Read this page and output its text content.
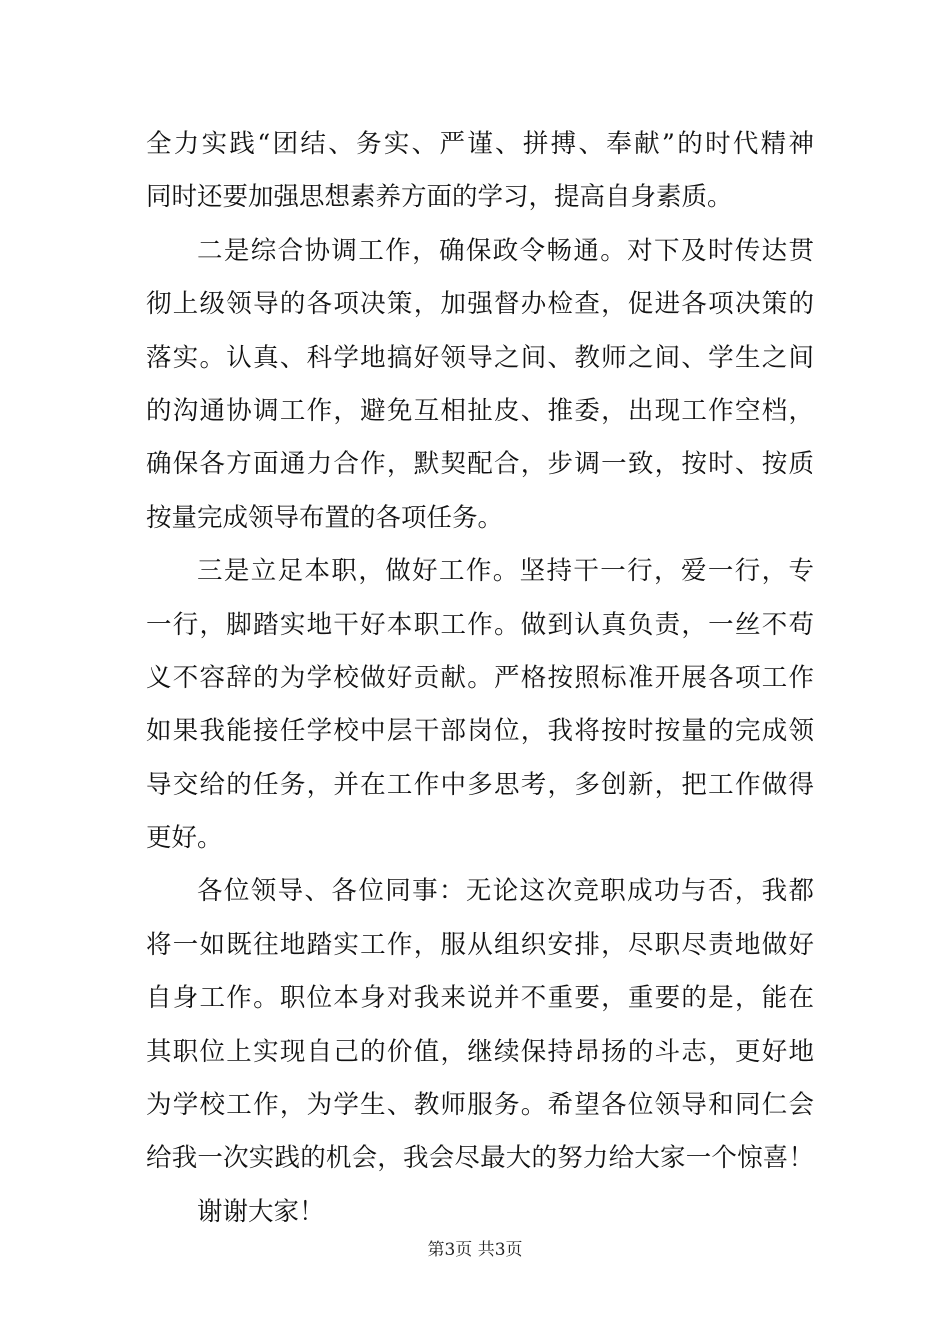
全力实践“团结、务实、严谨、拼搏、奉献”的时代精神
同时还要加强思想素养方面的学习，提高自身素质。
二是综合协调工作，确保政令畅通。对下及时传达贯
彻上级领导的各项决策，加强督办检查，促进各项决策的
落实。认真、科学地搞好领导之间、教师之间、学生之间
的沟通协调工作，避免互相扯皮、推委，出现工作空档，
确保各方面通力合作，默契配合，步调一致，按时、按质
按量完成领导布置的各项任务。
三是立足本职，做好工作。坚持干一行，爱一行，专
一行，脚踏实地干好本职工作。做到认真负责，一丝不苟
义不容辞的为学校做好贡献。严格按照标准开展各项工作
如果我能接任学校中层干部岗位，我将按时按量的完成领
导交给的任务，并在工作中多思考，多创新，把工作做得
更好。
各位领导、各位同事：无论这次竞职成功与否，我都
将一如既往地踏实工作，服从组织安排，尽职尽责地做好
自身工作。职位本身对我来说并不重要，重要的是，能在
其职位上实现自己的价值，继续保持昂扬的斗志，更好地
为学校工作，为学生、教师服务。希望各位领导和同仁会
给我一次实践的机会，我会尽最大的努力给大家一个惊喜！
谢谢大家！
第3页 共3页
